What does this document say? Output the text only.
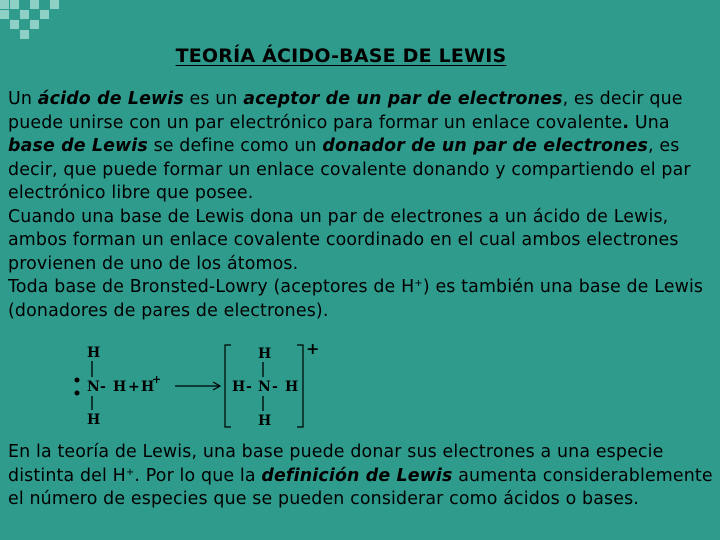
TEORÍA ÁCIDO-BASE DE LEWIS

Un ácido de Lewis es un aceptor de un par de electrones, es decir que puede unirse con un par electrónico para formar un enlace covalente. Una base de Lewis se define como un donador de un par de electrones, es decir, que puede formar un enlace covalente donando y compartiendo el par electrónico libre que posee.
Cuando una base de Lewis dona un par de electrones a un ácido de Lewis, ambos forman un enlace covalente coordinado en el cual ambos electrones provienen de uno de los átomos.
Toda base de Bronsted-Lowry (aceptores de H+) es también una base de Lewis (donadores de pares de electrones).

H
N - H + H
+
H
H
H - N - H
H
+

En la teoría de Lewis, una base puede donar sus electrones a una especie distinta del H+. Por lo que la definición de Lewis aumenta considerablemente el número de especies que se pueden considerar como ácidos o bases.
